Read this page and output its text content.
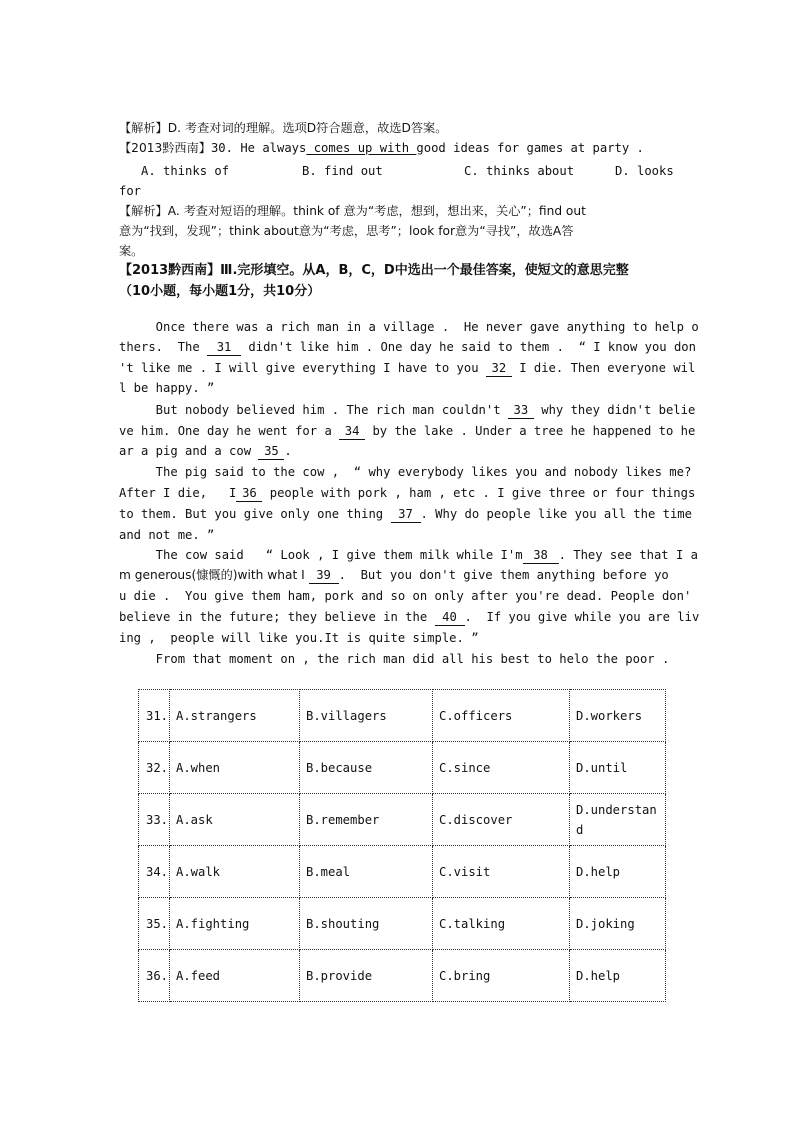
【解析】D. 考查对词的理解。选项D符合题意，故选D答案。
【2013黔西南】30. He always comes up with good ideas for games at party .
A. thinks of	B. find out	C. thinks about	D. looks
for
【解析】A. 考查对短语的理解。think of 意为“考虑，想到，想出来，关心”；find out
意为“找到，发现”；think about意为“考虑，思考”；look for意为“寻找”，故选A答
案。
【2013黔西南】Ⅲ.完形填空。从A，B，C，D中选出一个最佳答案，使短文的意思完整
（10小题，每小题1分，共10分）
Once there was a rich man in a village .  He never gave anything to help o
thers.  The 31 didn't like him . One day he said to them .  “ I know you don
't like me . I will give everything I have to you 32 I die. Then everyone wil
l be happy. ”
But nobody believed him . The rich man couldn't 33 why they didn't belie
ve him. One day he went for a 34 by the lake . Under a tree he happened to he
ar a pig and a cow 35 .
The pig said to the cow ,  “ why everybody likes you and nobody likes me?
After I die,   I 36 people with pork , ham , etc . I give three or four things
to them. But you give only one thing 37 . Why do people like you all the time
and not me. ”
The cow said   “ Look , I give them milk while I'm 38 . They see that I a
m generous(慷慨的)with what I 39 .  But you don't give them anything before yo
u die .  You give them ham, pork and so on only after you're dead. People don'
believe in the future; they believe in the 40 .  If you give while you are liv
ing ,  people will like you.It is quite simple. ”
From that moment on , the rich man did all his best to helo the poor .
31.	A.strangers	B.villagers	C.officers	D.workers
32.	A.when	B.because	C.since	D.until
33.	A.ask	B.remember	C.discover	D.understand
34.	A.walk	B.meal	C.visit	D.help
35.	A.fighting	B.shouting	C.talking	D.joking
36.	A.feed	B.provide	C.bring	D.help
